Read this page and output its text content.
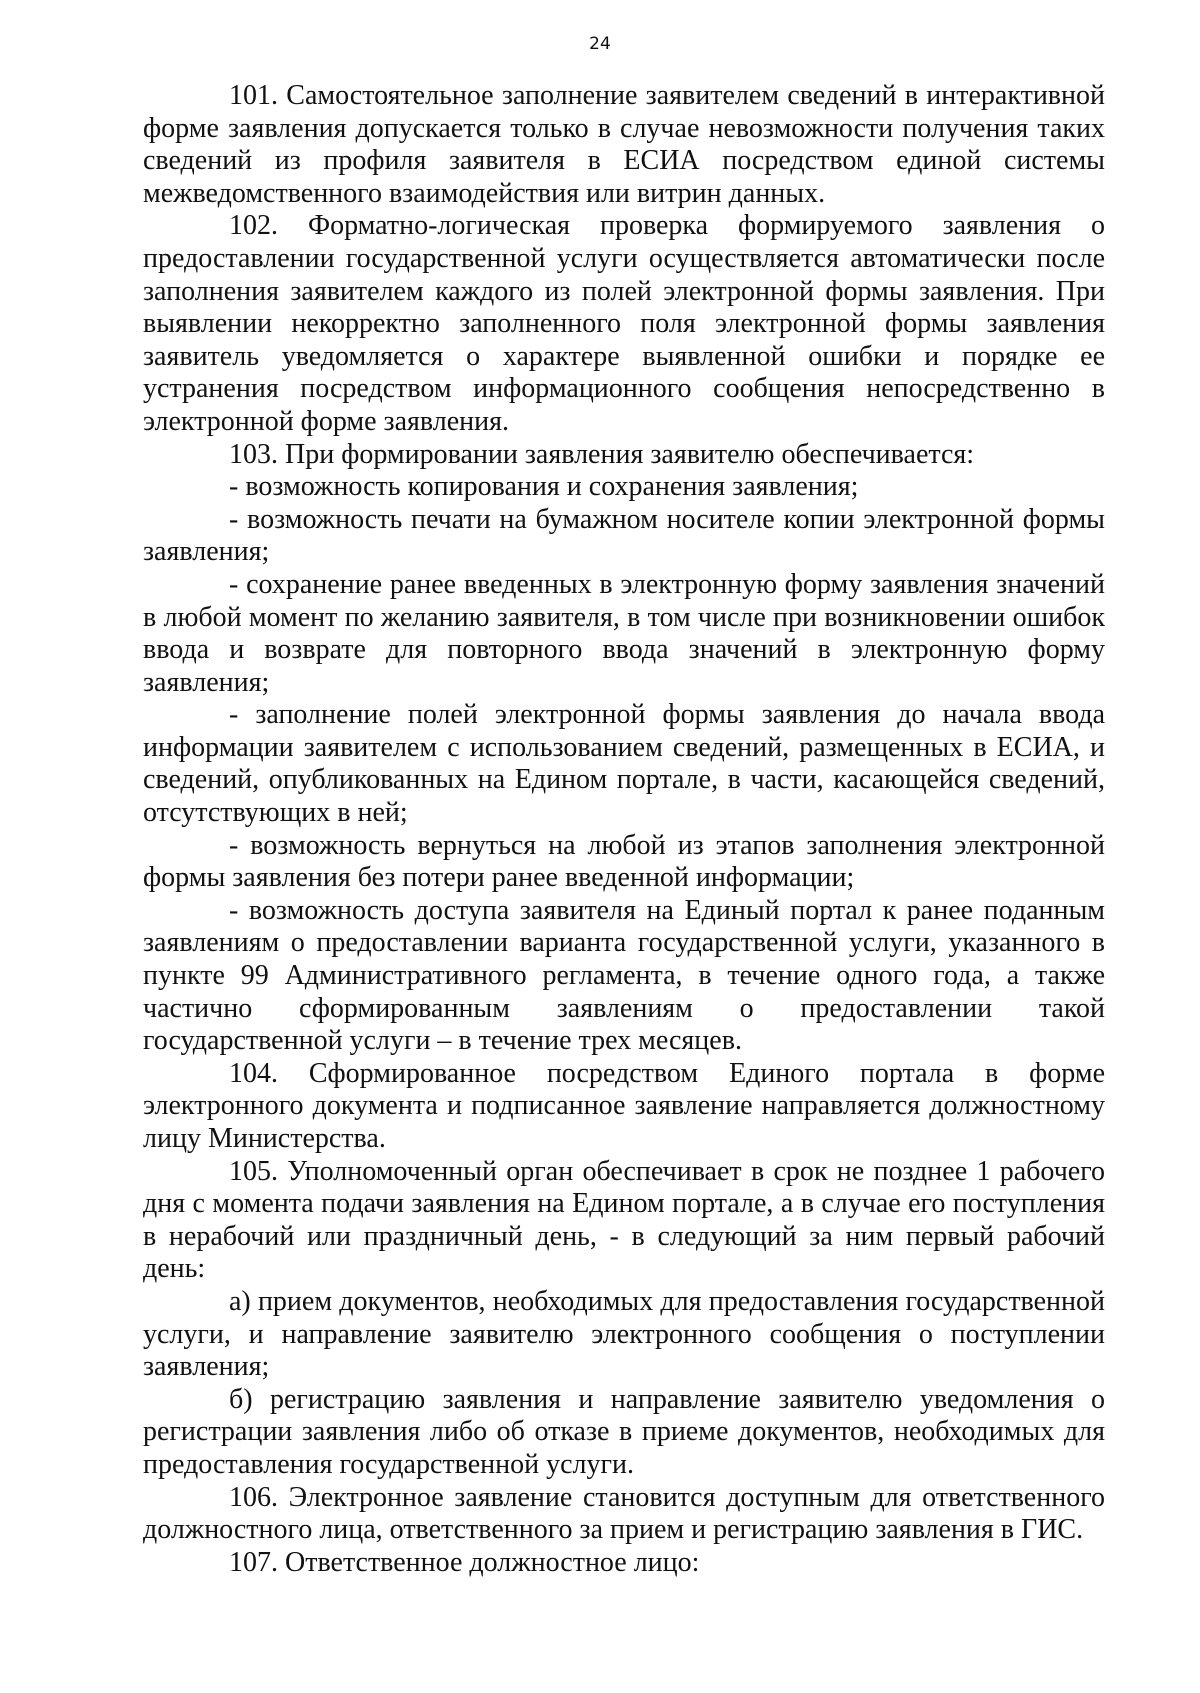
24

101. Самостоятельное заполнение заявителем сведений в интерактивной форме заявления допускается только в случае невозможности получения таких сведений из профиля заявителя в ЕСИА посредством единой системы межведомственного взаимодействия или витрин данных.

102. Форматно-логическая проверка формируемого заявления о предоставлении государственной услуги осуществляется автоматически после заполнения заявителем каждого из полей электронной формы заявления. При выявлении некорректно заполненного поля электронной формы заявления заявитель уведомляется о характере выявленной ошибки и порядке ее устранения посредством информационного сообщения непосредственно в электронной форме заявления.

103. При формировании заявления заявителю обеспечивается:

- возможность копирования и сохранения заявления;

- возможность печати на бумажном носителе копии электронной формы заявления;

- сохранение ранее введенных в электронную форму заявления значений в любой момент по желанию заявителя, в том числе при возникновении ошибок ввода и возврате для повторного ввода значений в электронную форму заявления;

- заполнение полей электронной формы заявления до начала ввода информации заявителем с использованием сведений, размещенных в ЕСИА, и сведений, опубликованных на Едином портале, в части, касающейся сведений, отсутствующих в ней;

- возможность вернуться на любой из этапов заполнения электронной формы заявления без потери ранее введенной информации;

- возможность доступа заявителя на Единый портал к ранее поданным заявлениям о предоставлении варианта государственной услуги, указанного в пункте 99 Административного регламента, в течение одного года, а также частично сформированным заявлениям о предоставлении такой государственной услуги – в течение трех месяцев.

104. Сформированное посредством Единого портала в форме электронного документа и подписанное заявление направляется должностному лицу Министерства.

105. Уполномоченный орган обеспечивает в срок не позднее 1 рабочего дня с момента подачи заявления на Едином портале, а в случае его поступления в нерабочий или праздничный день, - в следующий за ним первый рабочий день:

а) прием документов, необходимых для предоставления государственной услуги, и направление заявителю электронного сообщения о поступлении заявления;

б) регистрацию заявления и направление заявителю уведомления о регистрации заявления либо об отказе в приеме документов, необходимых для предоставления государственной услуги.

106. Электронное заявление становится доступным для ответственного должностного лица, ответственного за прием и регистрацию заявления в ГИС.

107. Ответственное должностное лицо:
